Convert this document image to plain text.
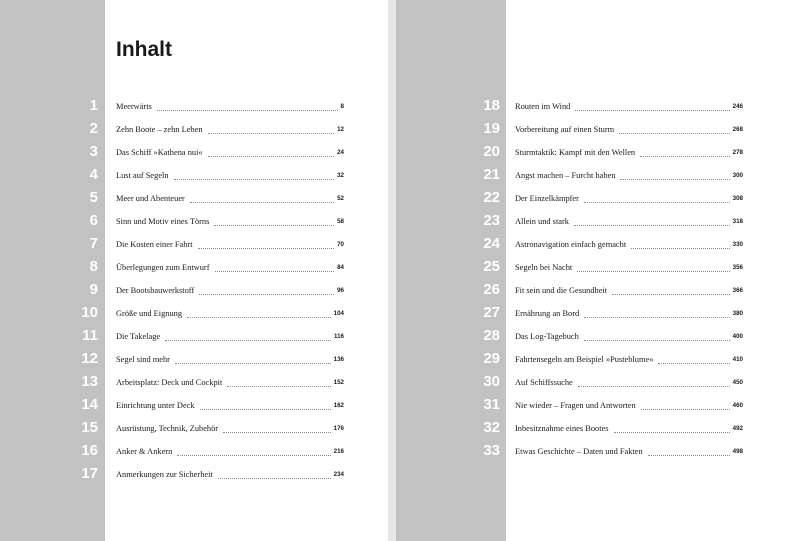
Inhalt
1 Meerwärts	8
2 Zehn Boote – zehn Leben	12
3 Das Schiff »Kathena nui«	24
4 Lust auf Segeln	32
5 Meer und Abenteuer	52
6 Sinn und Motiv eines Törns	58
7 Die Kosten einer Fahrt	70
8 Überlegungen zum Entwurf	84
9 Der Bootsbauwerkstoff	96
10 Größe und Eignung	104
11 Die Takelage	116
12 Segel sind mehr	136
13 Arbeitsplatz: Deck und Cockpit	152
14 Einrichtung unter Deck	162
15 Ausrüstung, Technik, Zubehör	176
16 Anker & Ankern	216
17 Anmerkungen zur Sicherheit	234
18 Routen im Wind	246
19 Vorbereitung auf einen Sturm	268
20 Sturmtaktik: Kampf mit den Wellen	278
21 Angst machen – Furcht haben	300
22 Der Einzelkämpfer	308
23 Allein und stark	318
24 Astronavigation einfach gemacht	330
25 Segeln bei Nacht	356
26 Fit sein und die Gesundheit	366
27 Ernährung an Bord	380
28 Das Log-Tagebuch	400
29 Fahrtensegeln am Beispiel »Pusteblume«	410
30 Auf Schiffssuche	450
31 Nie wieder – Fragen und Antworten	460
32 Inbesitznahme eines Bootes	492
33 Etwas Geschichte – Daten und Fakten	498
